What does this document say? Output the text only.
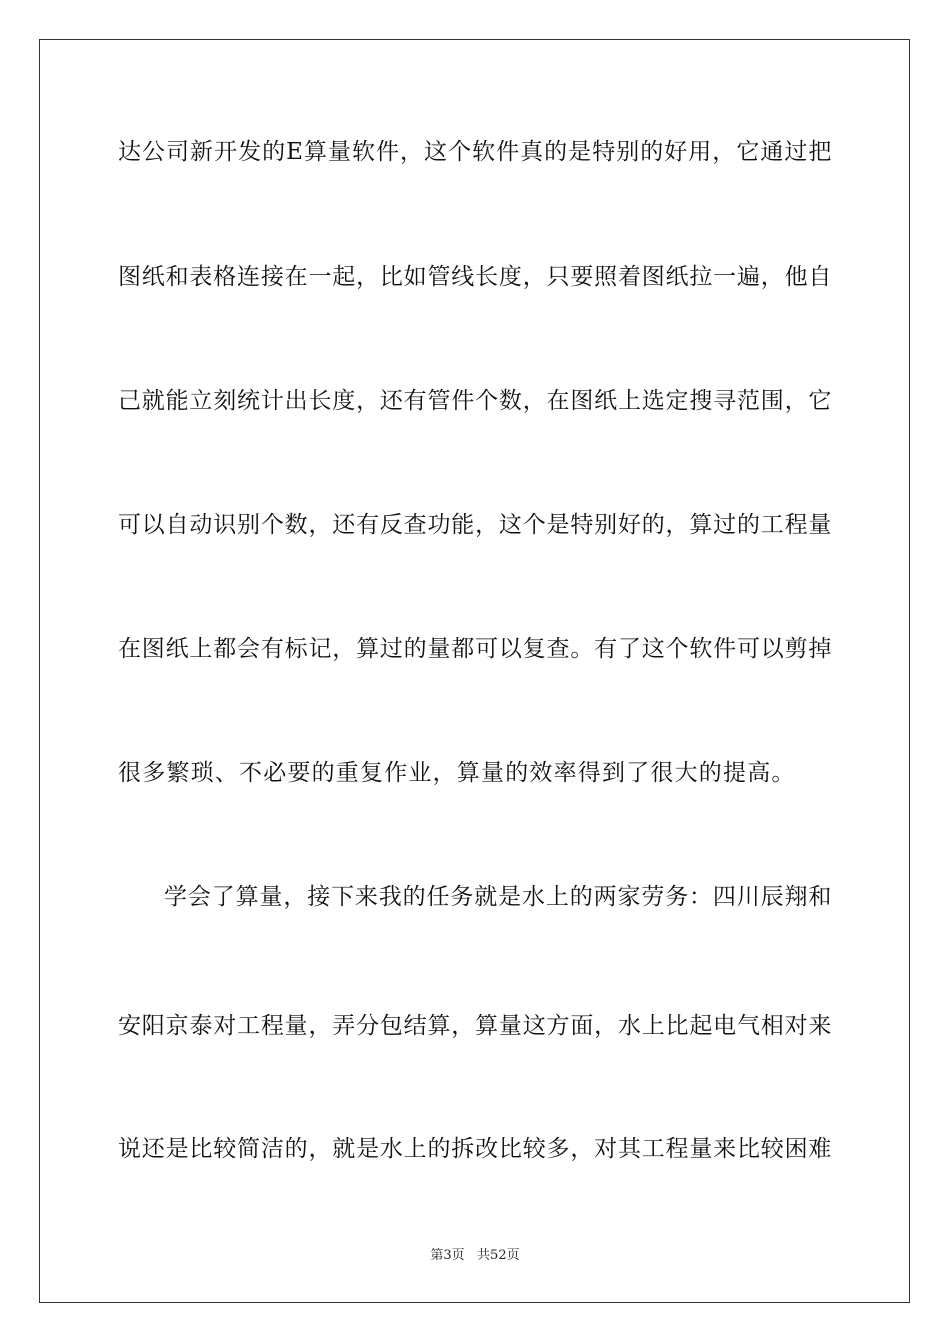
达公司新开发的E算量软件，这个软件真的是特别的好用，它通过把
图纸和表格连接在一起，比如管线长度，只要照着图纸拉一遍，他自
己就能立刻统计出长度，还有管件个数，在图纸上选定搜寻范围，它
可以自动识别个数，还有反查功能，这个是特别好的，算过的工程量
在图纸上都会有标记，算过的量都可以复查。有了这个软件可以剪掉
很多繁琐、不必要的重复作业，算量的效率得到了很大的提高。
学会了算量，接下来我的任务就是水上的两家劳务：四川辰翔和
安阳京泰对工程量，弄分包结算，算量这方面，水上比起电气相对来
说还是比较简洁的，就是水上的拆改比较多，对其工程量来比较困难
第3页   共52页
